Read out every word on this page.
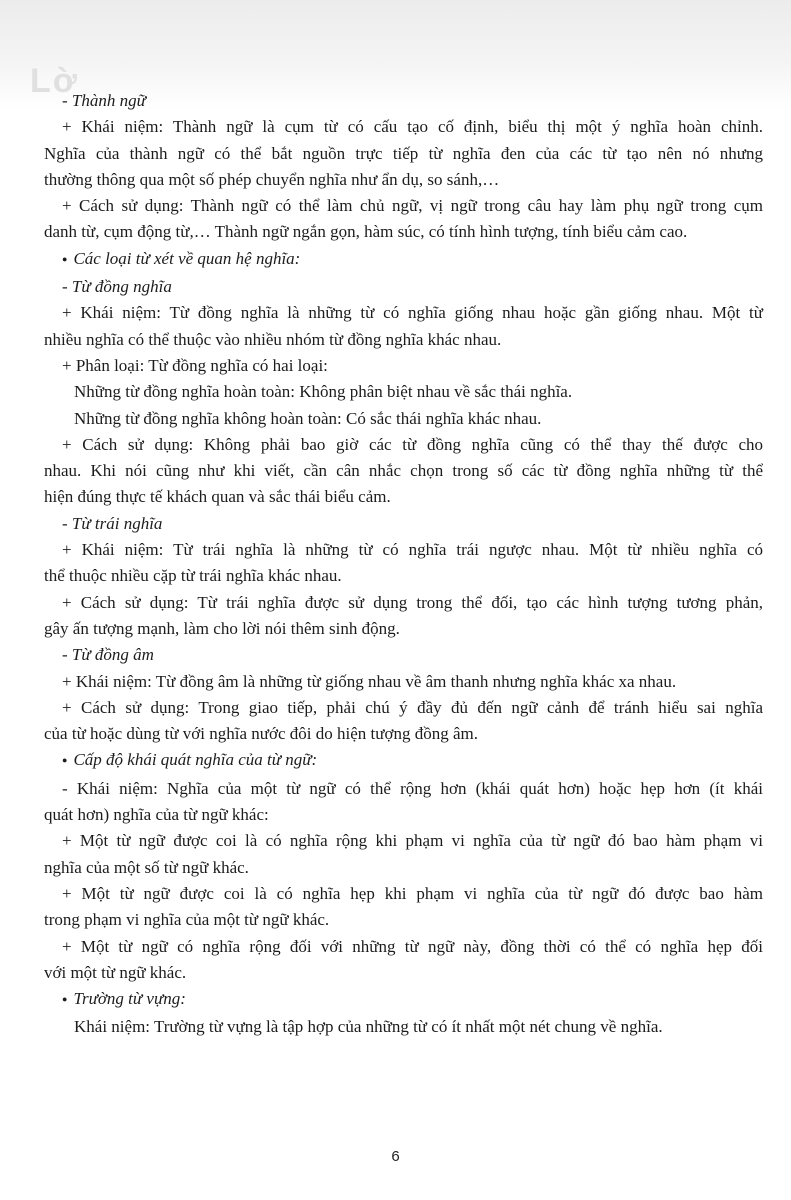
Lờ

- Thành ngữ

+ Khái niệm: Thành ngữ là cụm từ có cấu tạo cố định, biểu thị một ý nghĩa hoàn chỉnh.

Nghĩa của thành ngữ có thể bắt nguồn trực tiếp từ nghĩa đen của các từ tạo nên nó nhưng

thường thông qua một số phép chuyển nghĩa như ẩn dụ, so sánh,…

+ Cách sử dụng: Thành ngữ có thể làm chủ ngữ, vị ngữ trong câu hay làm phụ ngữ trong cụm

danh từ, cụm động từ,… Thành ngữ ngắn gọn, hàm súc, có tính hình tượng, tính biểu cảm cao.

● Các loại từ xét về quan hệ nghĩa:

- Từ đồng nghĩa

+ Khái niệm: Từ đồng nghĩa là những từ có nghĩa giống nhau hoặc gần giống nhau. Một từ

nhiều nghĩa có thể thuộc vào nhiều nhóm từ đồng nghĩa khác nhau.

+ Phân loại: Từ đồng nghĩa có hai loại:

Những từ đồng nghĩa hoàn toàn: Không phân biệt nhau về sắc thái nghĩa.

Những từ đồng nghĩa không hoàn toàn: Có sắc thái nghĩa khác nhau.

+ Cách sử dụng: Không phải bao giờ các từ đồng nghĩa cũng có thể thay thế được cho

nhau. Khi nói cũng như khi viết, cần cân nhắc chọn trong số các từ đồng nghĩa những từ thể

hiện đúng thực tế khách quan và sắc thái biểu cảm.

- Từ trái nghĩa

+ Khái niệm: Từ trái nghĩa là những từ có nghĩa trái ngược nhau. Một từ nhiều nghĩa có

thể thuộc nhiều cặp từ trái nghĩa khác nhau.

+ Cách sử dụng: Từ trái nghĩa được sử dụng trong thể đối, tạo các hình tượng tương phản,

gây ấn tượng mạnh, làm cho lời nói thêm sinh động.

- Từ đồng âm

+ Khái niệm: Từ đồng âm là những từ giống nhau về âm thanh nhưng nghĩa khác xa nhau.

+ Cách sử dụng: Trong giao tiếp, phải chú ý đầy đủ đến ngữ cảnh để tránh hiểu sai nghĩa

của từ hoặc dùng từ với nghĩa nước đôi do hiện tượng đồng âm.

● Cấp độ khái quát nghĩa của từ ngữ:

- Khái niệm: Nghĩa của một từ ngữ có thể rộng hơn (khái quát hơn) hoặc hẹp hơn (ít khái

quát hơn) nghĩa của từ ngữ khác:

+ Một từ ngữ được coi là có nghĩa rộng khi phạm vi nghĩa của từ ngữ đó bao hàm phạm vi

nghĩa của một số từ ngữ khác.

+ Một từ ngữ được coi là có nghĩa hẹp khi phạm vi nghĩa của từ ngữ đó được bao hàm

trong phạm vi nghĩa của một từ ngữ khác.

+ Một từ ngữ có nghĩa rộng đối với những từ ngữ này, đồng thời có thể có nghĩa hẹp đối

với một từ ngữ khác.

● Trường từ vựng:

Khái niệm: Trường từ vựng là tập hợp của những từ có ít nhất một nét chung về nghĩa.

6
